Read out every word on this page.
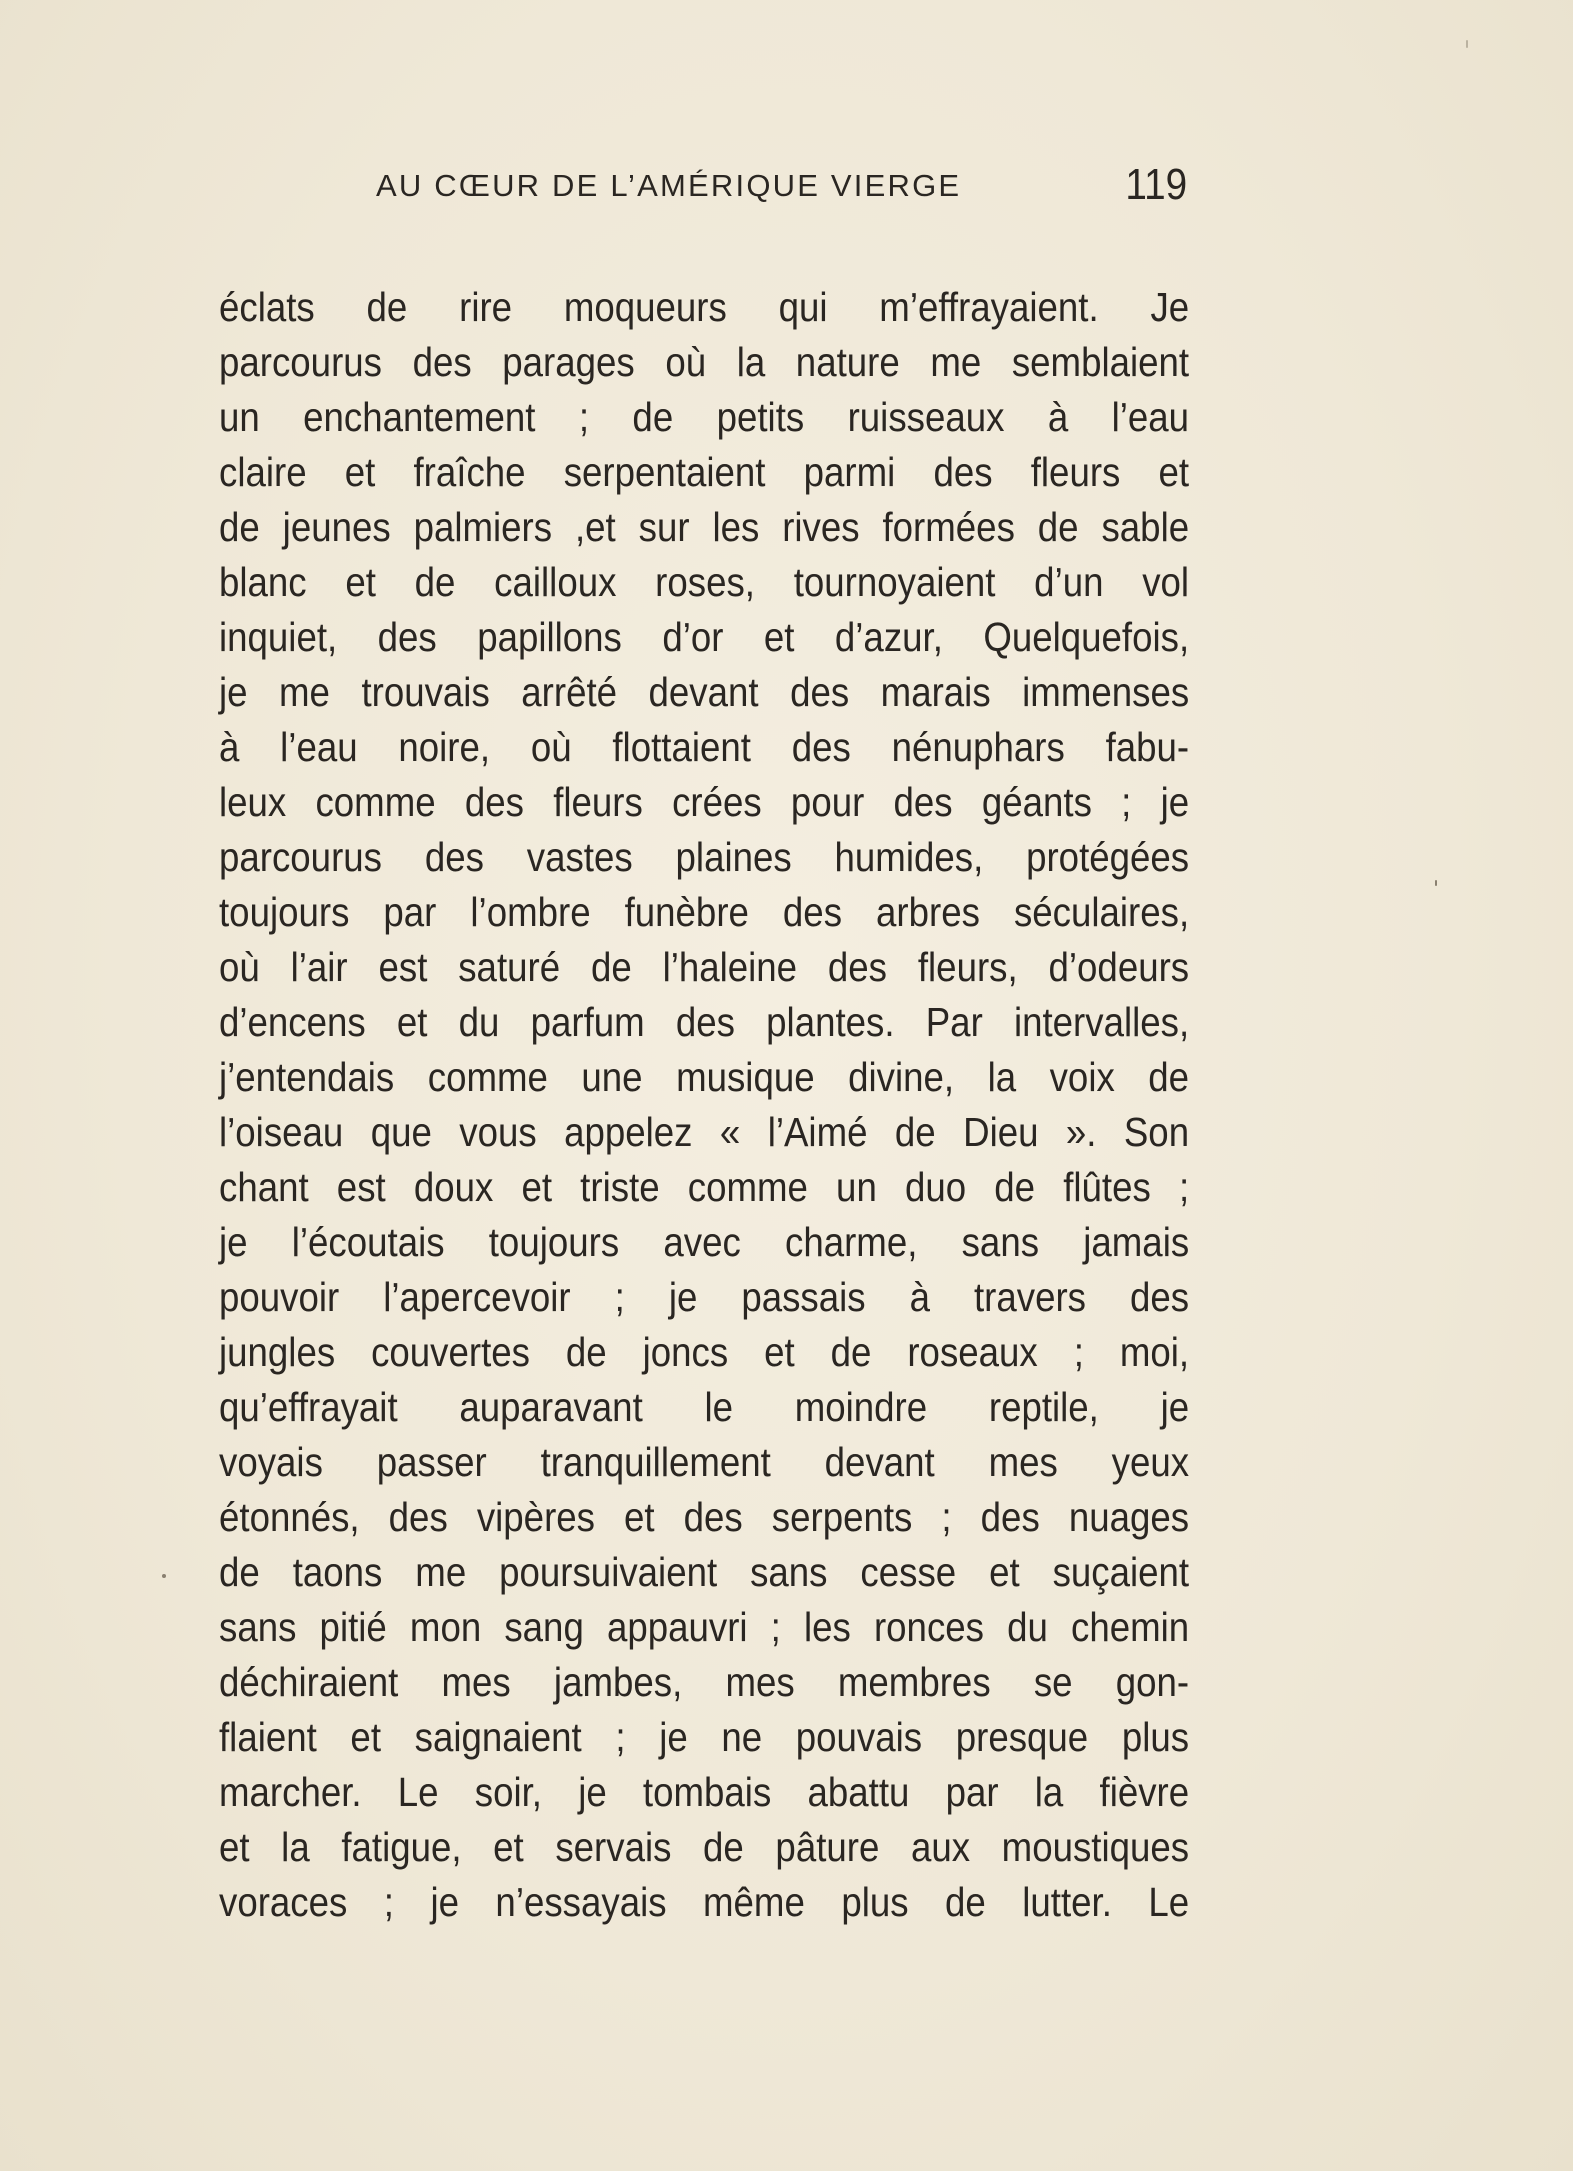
AU CŒUR DE L’AMÉRIQUE VIERGE	119
éclats de rire moqueurs qui m’effrayaient. Je
parcourus des parages où la nature me semblaient
un enchantement ; de petits ruisseaux à l’eau
claire et fraîche serpentaient parmi des fleurs et
de jeunes palmiers ,et sur les rives formées de sable
blanc et de cailloux roses, tournoyaient d’un vol
inquiet, des papillons d’or et d’azur, Quelquefois,
je me trouvais arrêté devant des marais immenses
à l’eau noire, où flottaient des nénuphars fabu-
leux comme des fleurs crées pour des géants ; je
parcourus des vastes plaines humides, protégées
toujours par l’ombre funèbre des arbres séculaires,
où l’air est saturé de l’haleine des fleurs, d’odeurs
d’encens et du parfum des plantes. Par intervalles,
j’entendais comme une musique divine, la voix de
l’oiseau que vous appelez « l’Aimé de Dieu ». Son
chant est doux et triste comme un duo de flûtes ;
je l’écoutais toujours avec charme, sans jamais
pouvoir l’apercevoir ; je passais à travers des
jungles couvertes de joncs et de roseaux ; moi,
qu’effrayait auparavant le moindre reptile, je
voyais passer tranquillement devant mes yeux
étonnés, des vipères et des serpents ; des nuages
de taons me poursuivaient sans cesse et suçaient
sans pitié mon sang appauvri ; les ronces du chemin
déchiraient mes jambes, mes membres se gon-
flaient et saignaient ; je ne pouvais presque plus
marcher. Le soir, je tombais abattu par la fièvre
et la fatigue, et servais de pâture aux moustiques
voraces ; je n’essayais même plus de lutter. Le
